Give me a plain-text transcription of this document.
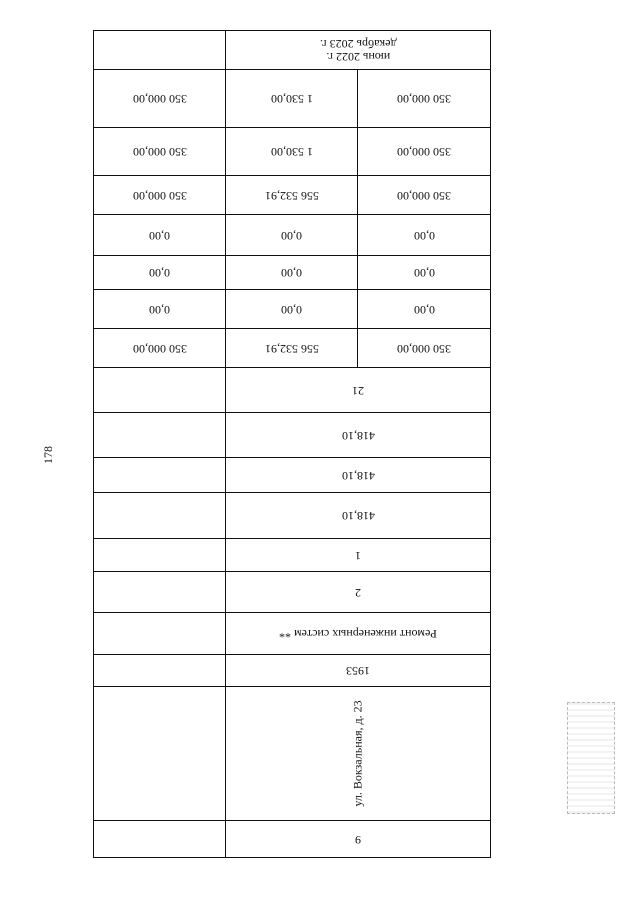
178
июнь 2022 г.
декабрь 2023 г.
350 000,00	1 530,00	350 000,00
350 000,00	1 530,00	350 000,00
350 000,00	556 532,91	350 000,00
0,00	0,00	0,00
0,00	0,00	0,00
0,00	0,00	0,00
350 000,00	556 532,91	350 000,00
21
418,10
418,10
418,10
1
2
Ремонт инженерных систем **
1953
ул. Вокзальная, д. 23
9
